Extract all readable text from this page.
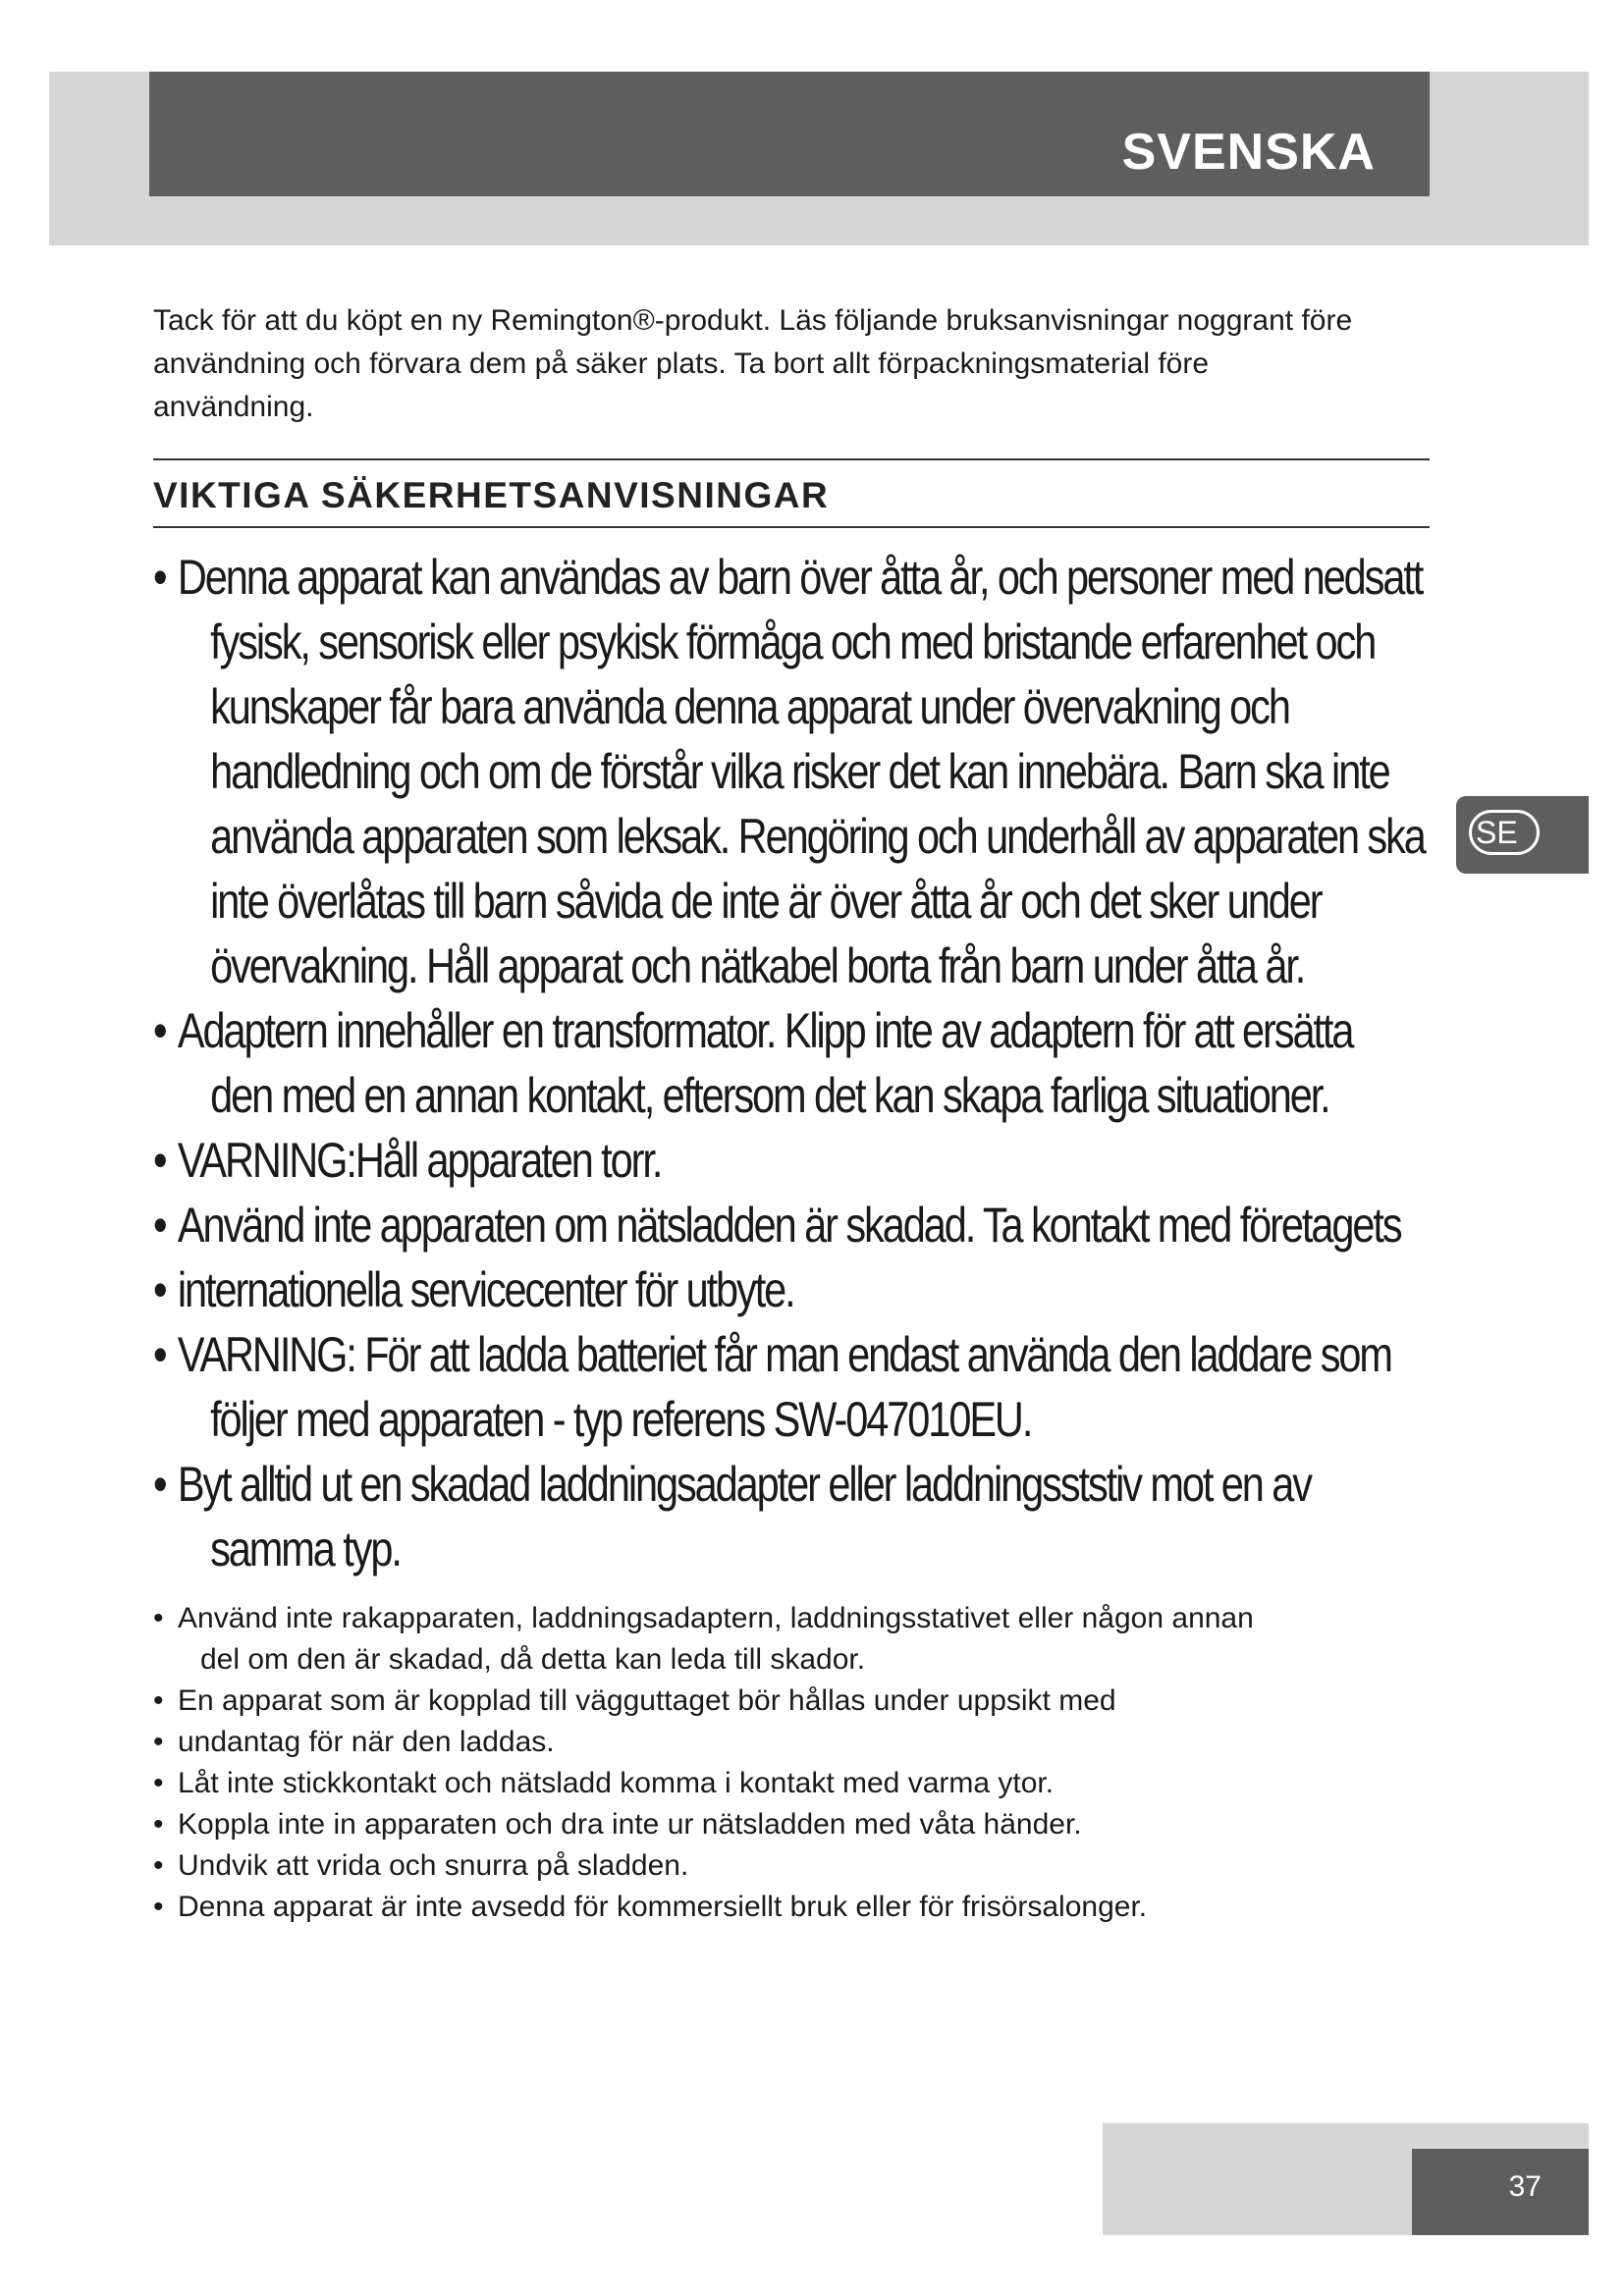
SVENSKA

Tack för att du köpt en ny Remington®-produkt. Läs följande bruksanvisningar noggrant före
användning och förvara dem på säker plats. Ta bort allt förpackningsmaterial före
användning.

VIKTIGA SÄKERHETSANVISNINGAR
• Denna apparat kan användas av barn över åtta år, och personer med nedsatt
fysisk, sensorisk eller psykisk förmåga och med bristande erfarenhet och
kunskaper får bara använda denna apparat under övervakning och
handledning och om de förstår vilka risker det kan innebära. Barn ska inte
använda apparaten som leksak. Rengöring och underhåll av apparaten ska
inte överlåtas till barn såvida de inte är över åtta år och det sker under
övervakning. Håll apparat och nätkabel borta från barn under åtta år.
• Adaptern innehåller en transformator. Klipp inte av adaptern för att ersätta
den med en annan kontakt, eftersom det kan skapa farliga situationer.
• VARNING:Håll apparaten torr.
• Använd inte apparaten om nätsladden är skadad. Ta kontakt med företagets
• internationella servicecenter för utbyte.
• VARNING: För att ladda batteriet får man endast använda den laddare som
följer med apparaten - typ referens SW-047010EU.
• Byt alltid ut en skadad laddningsadapter eller laddningsststiv mot en av
samma typ.
• Använd inte rakapparaten, laddningsadaptern, laddningsstativet eller någon annan
del om den är skadad, då detta kan leda till skador.
• En apparat som är kopplad till vägguttaget bör hållas under uppsikt med
• undantag för när den laddas.
• Låt inte stickkontakt och nätsladd komma i kontakt med varma ytor.
• Koppla inte in apparaten och dra inte ur nätsladden med våta händer.
• Undvik att vrida och snurra på sladden.
• Denna apparat är inte avsedd för kommersiellt bruk eller för frisörsalonger.
SE
37
